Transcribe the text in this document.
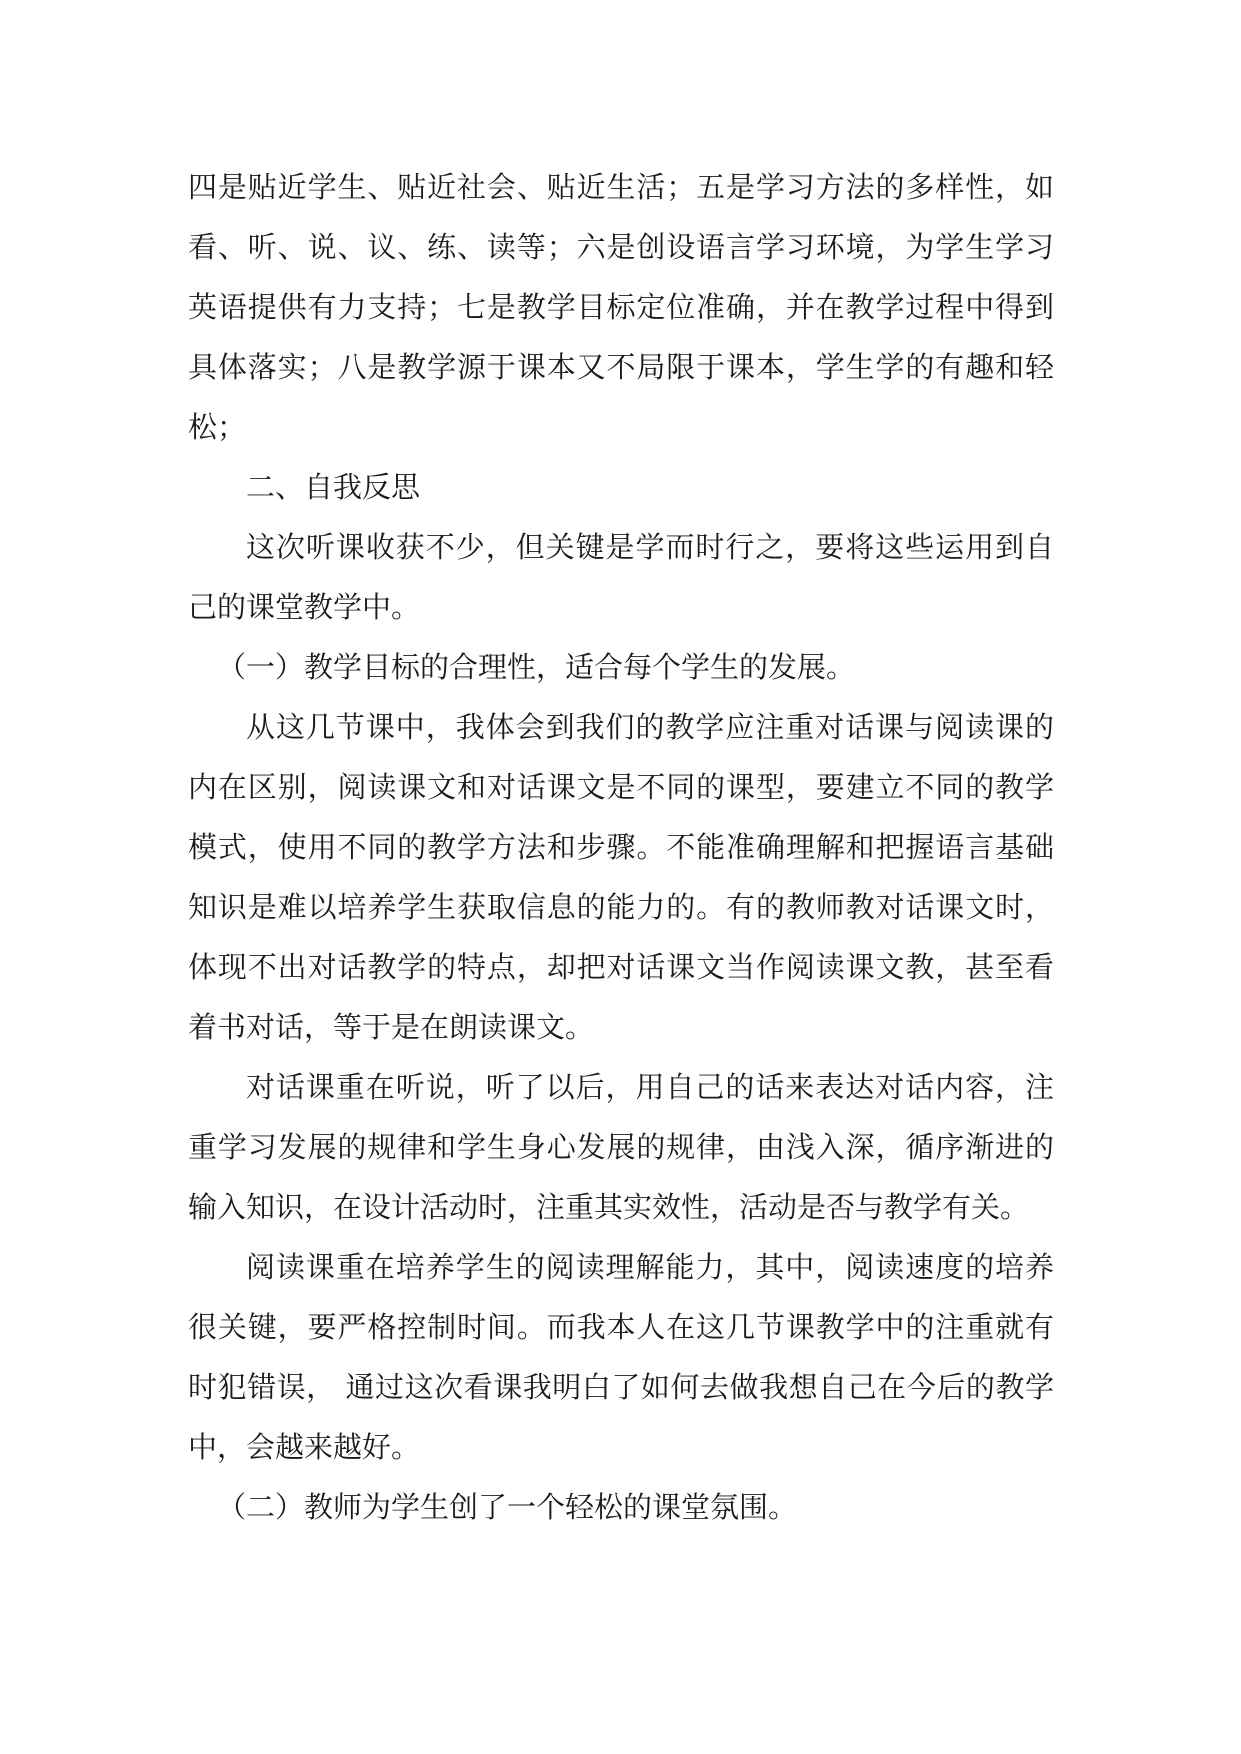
四是贴近学生、贴近社会、贴近生活；五是学习方法的多样性，如看、听、说、议、练、读等；六是创设语言学习环境，为学生学习英语提供有力支持；七是教学目标定位准确，并在教学过程中得到具体落实；八是教学源于课本又不局限于课本，学生学的有趣和轻松；

二、自我反思

这次听课收获不少，但关键是学而时行之，要将这些运用到自己的课堂教学中。

（一）教学目标的合理性，适合每个学生的发展。

从这几节课中，我体会到我们的教学应注重对话课与阅读课的内在区别，阅读课文和对话课文是不同的课型，要建立不同的教学模式，使用不同的教学方法和步骤。不能准确理解和把握语言基础知识是难以培养学生获取信息的能力的。有的教师教对话课文时，体现不出对话教学的特点，却把对话课文当作阅读课文教，甚至看着书对话，等于是在朗读课文。

对话课重在听说，听了以后，用自己的话来表达对话内容，注重学习发展的规律和学生身心发展的规律，由浅入深，循序渐进的输入知识，在设计活动时，注重其实效性，活动是否与教学有关。

阅读课重在培养学生的阅读理解能力，其中，阅读速度的培养很关键，要严格控制时间。而我本人在这几节课教学中的注重就有时犯错误， 通过这次看课我明白了如何去做我想自己在今后的教学中，会越来越好。

（二）教师为学生创了一个轻松的课堂氛围。
